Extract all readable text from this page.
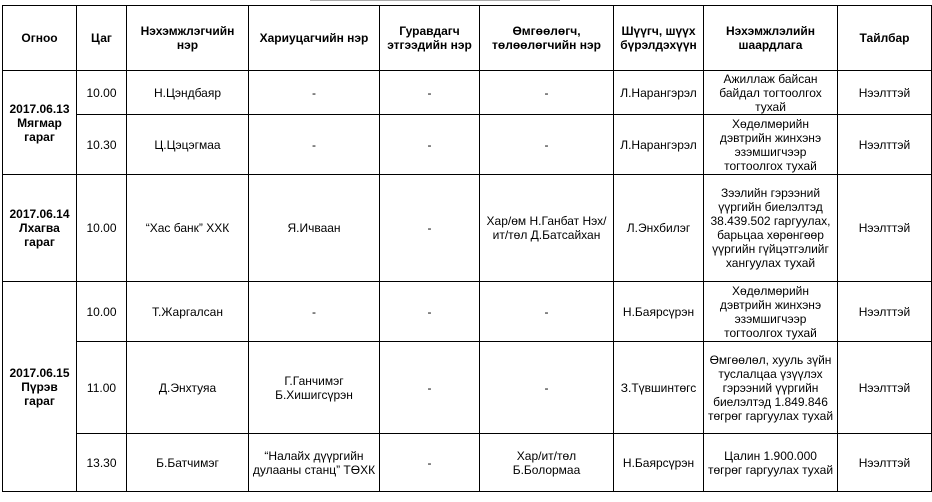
Огноо	Цаг	Нэхэмжлэгчийн нэр	Хариуцагчийн нэр	Гуравдагч этгээдийн нэр	Өмгөөлөгч, төлөөлөгчийн нэр	Шүүгч, шүүх бүрэлдэхүүн	Нэхэмжлэлийн шаардлага	Тайлбар

2017.06.13
Мягмар гараг	10.00	Н.Цэндбаяр	-	-	-	Л.Нарангэрэл	Ажиллаж байсан байдал тогтоолгох тухай	Нээлттэй
	10.30	Ц.Цэцэгмаа	-	-	-	Л.Нарангэрэл	Хөдөлмөрийн дэвтрийн жинхэнэ эзэмшигчээр тогтоолгох тухай	Нээлттэй

2017.06.14
Лхагва гараг	10.00	“Хас банк” ХХК	Я.Ичваан	-	Хар/өм Н.Ганбат Нэх/ит/төл Д.Батсайхан	Л.Энхбилэг	Зээлийн гэрээний үүргийн биелэлтэд 38.439.502 гаргуулах, барьцаа хөрөнгөөр үүргийн гүйцэтгэлийг хангуулах тухай	Нээлттэй

2017.06.15
Пүрэв гараг	10.00	Т.Жаргалсан	-	-	-	Н.Баярсүрэн	Хөдөлмөрийн дэвтрийн жинхэнэ эзэмшигчээр тогтоолгох тухай	Нээлттэй
	11.00	Д.Энхтуяа	Г.Ганчимэг Б.Хишигсүрэн	-	-	З.Түвшинтөгс	Өмгөөлөл, хууль зүйн туслалцаа үзүүлэх гэрээний үүргийн биелэлтэд 1.849.846 төгрөг гаргуулах тухай	Нээлттэй
	13.30	Б.Батчимэг	“Налайх дүүргийн дулааны станц” ТӨХК	-	Хар/ит/төл Б.Болормаа	Н.Баярсүрэн	Цалин 1.900.000 төгрөг гаргуулах тухай	Нээлттэй
